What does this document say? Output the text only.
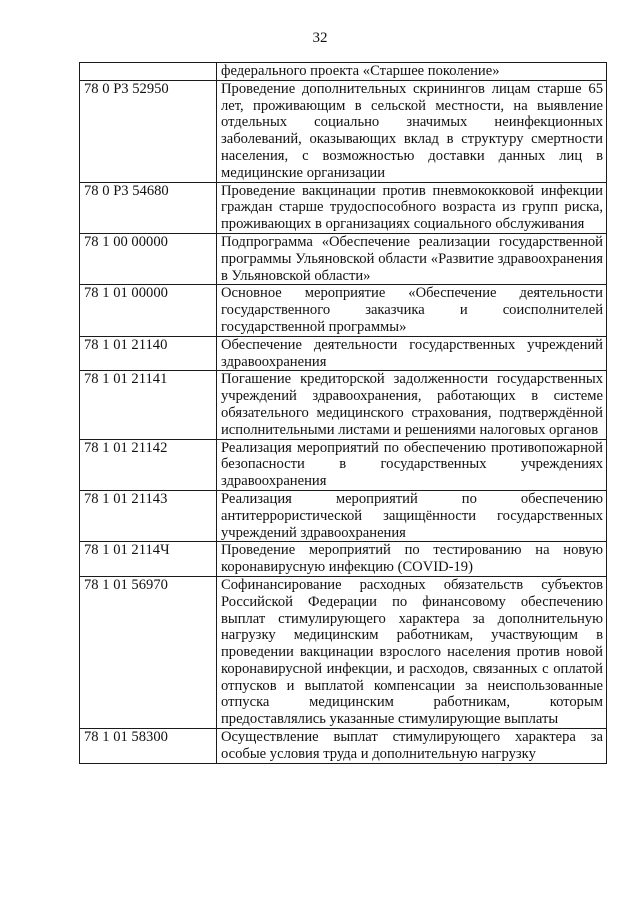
32
	федерального проекта «Старшее поколение»
78 0 P3 52950	Проведение дополнительных скринингов лицам старше 65 лет, проживающим в сельской местности, на выявление отдельных социально значимых неинфекционных заболеваний, оказывающих вклад в структуру смертности населения, с возможностью доставки данных лиц в медицинские организации
78 0 P3 54680	Проведение вакцинации против пневмококковой инфекции граждан старше трудоспособного возраста из групп риска, проживающих в организациях социального обслуживания
78 1 00 00000	Подпрограмма «Обеспечение реализации государственной программы Ульяновской области «Развитие здравоохранения в Ульяновской области»
78 1 01 00000	Основное мероприятие «Обеспечение деятельности государственного заказчика и соисполнителей государственной программы»
78 1 01 21140	Обеспечение деятельности государственных учреждений здравоохранения
78 1 01 21141	Погашение кредиторской задолженности государственных учреждений здравоохранения, работающих в системе обязательного медицинского страхования, подтверждённой исполнительными листами и решениями налоговых органов
78 1 01 21142	Реализация мероприятий по обеспечению противопожарной безопасности в государственных учреждениях здравоохранения
78 1 01 21143	Реализация мероприятий по обеспечению антитеррористической защищённости государственных учреждений здравоохранения
78 1 01 2114Ч	Проведение мероприятий по тестированию на новую коронавирусную инфекцию (COVID-19)
78 1 01 56970	Софинансирование расходных обязательств субъектов Российской Федерации по финансовому обеспечению выплат стимулирующего характера за дополнительную нагрузку медицинским работникам, участвующим в проведении вакцинации взрослого населения против новой коронавирусной инфекции, и расходов, связанных с оплатой отпусков и выплатой компенсации за неиспользованные отпуска медицинским работникам, которым предоставлялись указанные стимулирующие выплаты
78 1 01 58300	Осуществление выплат стимулирующего характера за особые условия труда и дополнительную нагрузку
